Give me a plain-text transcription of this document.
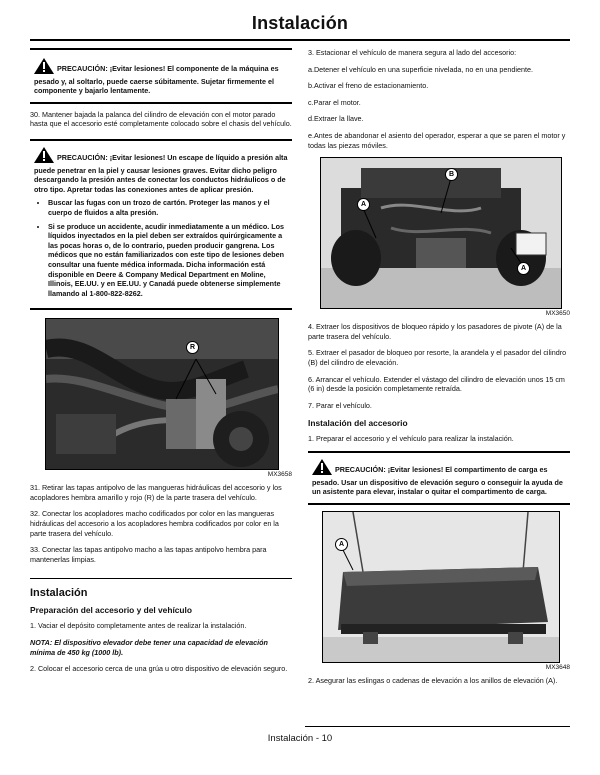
Instalación
PRECAUCIÓN: ¡Evitar lesiones! El componente de la máquina es pesado y, al soltarlo, puede caerse súbitamente. Sujetar firmemente el componente y bajarlo lentamente.

30. Mantener bajada la palanca del cilindro de elevación con el motor parado hasta que el accesorio esté completamente colocado sobre el chasis del vehículo.

PRECAUCIÓN: ¡Evitar lesiones! Un escape de líquido a presión alta puede penetrar en la piel y causar lesiones graves. Evitar dicho peligro descargando la presión antes de conectar los conductos hidráulicos o de otro tipo. Apretar todas las conexiones antes de aplicar presión.
• Buscar las fugas con un trozo de cartón. Proteger las manos y el cuerpo de fluidos a alta presión.
• Si se produce un accidente, acudir inmediatamente a un médico. Los líquidos inyectados en la piel deben ser extraídos quirúrgicamente a las pocas horas o, de lo contrario, pueden producir gangrena. Los médicos que no están familiarizados con este tipo de lesiones deben consultar una fuente médica informada. Dicha información está disponible en Deere & Company Medical Department en Moline, Illinois, EE.UU. y en EE.UU. y Canadá puede obtenerse simplemente llamando al 1-800-822-8262.
R
MX3658

31. Retirar las tapas antipolvo de las mangueras hidráulicas del accesorio y los acopladores hembra amarillo y rojo (R) de la parte trasera del vehículo.

32. Conectar los acopladores macho codificados por color en las mangueras hidráulicas del accesorio a los acopladores hembra codificados por color en la parte trasera del vehículo.

33. Conectar las tapas antipolvo macho a las tapas antipolvo hembra para mantenerlas limpias.

Instalación
Preparación del accesorio y del vehículo

1. Vaciar el depósito completamente antes de realizar la instalación.

NOTA: El dispositivo elevador debe tener una capacidad de elevación mínima de 450 kg (1000 lb).

2. Colocar el accesorio cerca de una grúa u otro dispositivo de elevación seguro.

3. Estacionar el vehículo de manera segura al lado del accesorio:

a.Detener el vehículo en una superficie nivelada, no en una pendiente.

b.Activar el freno de estacionamiento.

c.Parar el motor.

d.Extraer la llave.

e.Antes de abandonar el asiento del operador, esperar a que se paren el motor y todas las piezas móviles.

B
A
A
MX3650

4. Extraer los dispositivos de bloqueo rápido y los pasadores de pivote (A) de la parte trasera del vehículo.

5. Extraer el pasador de bloqueo por resorte, la arandela y el pasador del cilindro (B) del cilindro de elevación.

6. Arrancar el vehículo. Extender el vástago del cilindro de elevación unos 15 cm (6 in) desde la posición completamente retraída.

7. Parar el vehículo.

Instalación del accesorio

1. Preparar el accesorio y el vehículo para realizar la instalación.

PRECAUCIÓN: ¡Evitar lesiones! El compartimento de carga es pesado. Usar un dispositivo de elevación seguro o conseguir la ayuda de un asistente para elevar, instalar o quitar el compartimento de carga.
A
MX3648

2. Asegurar las eslingas o cadenas de elevación a los anillos de elevación (A).

Instalación - 10
